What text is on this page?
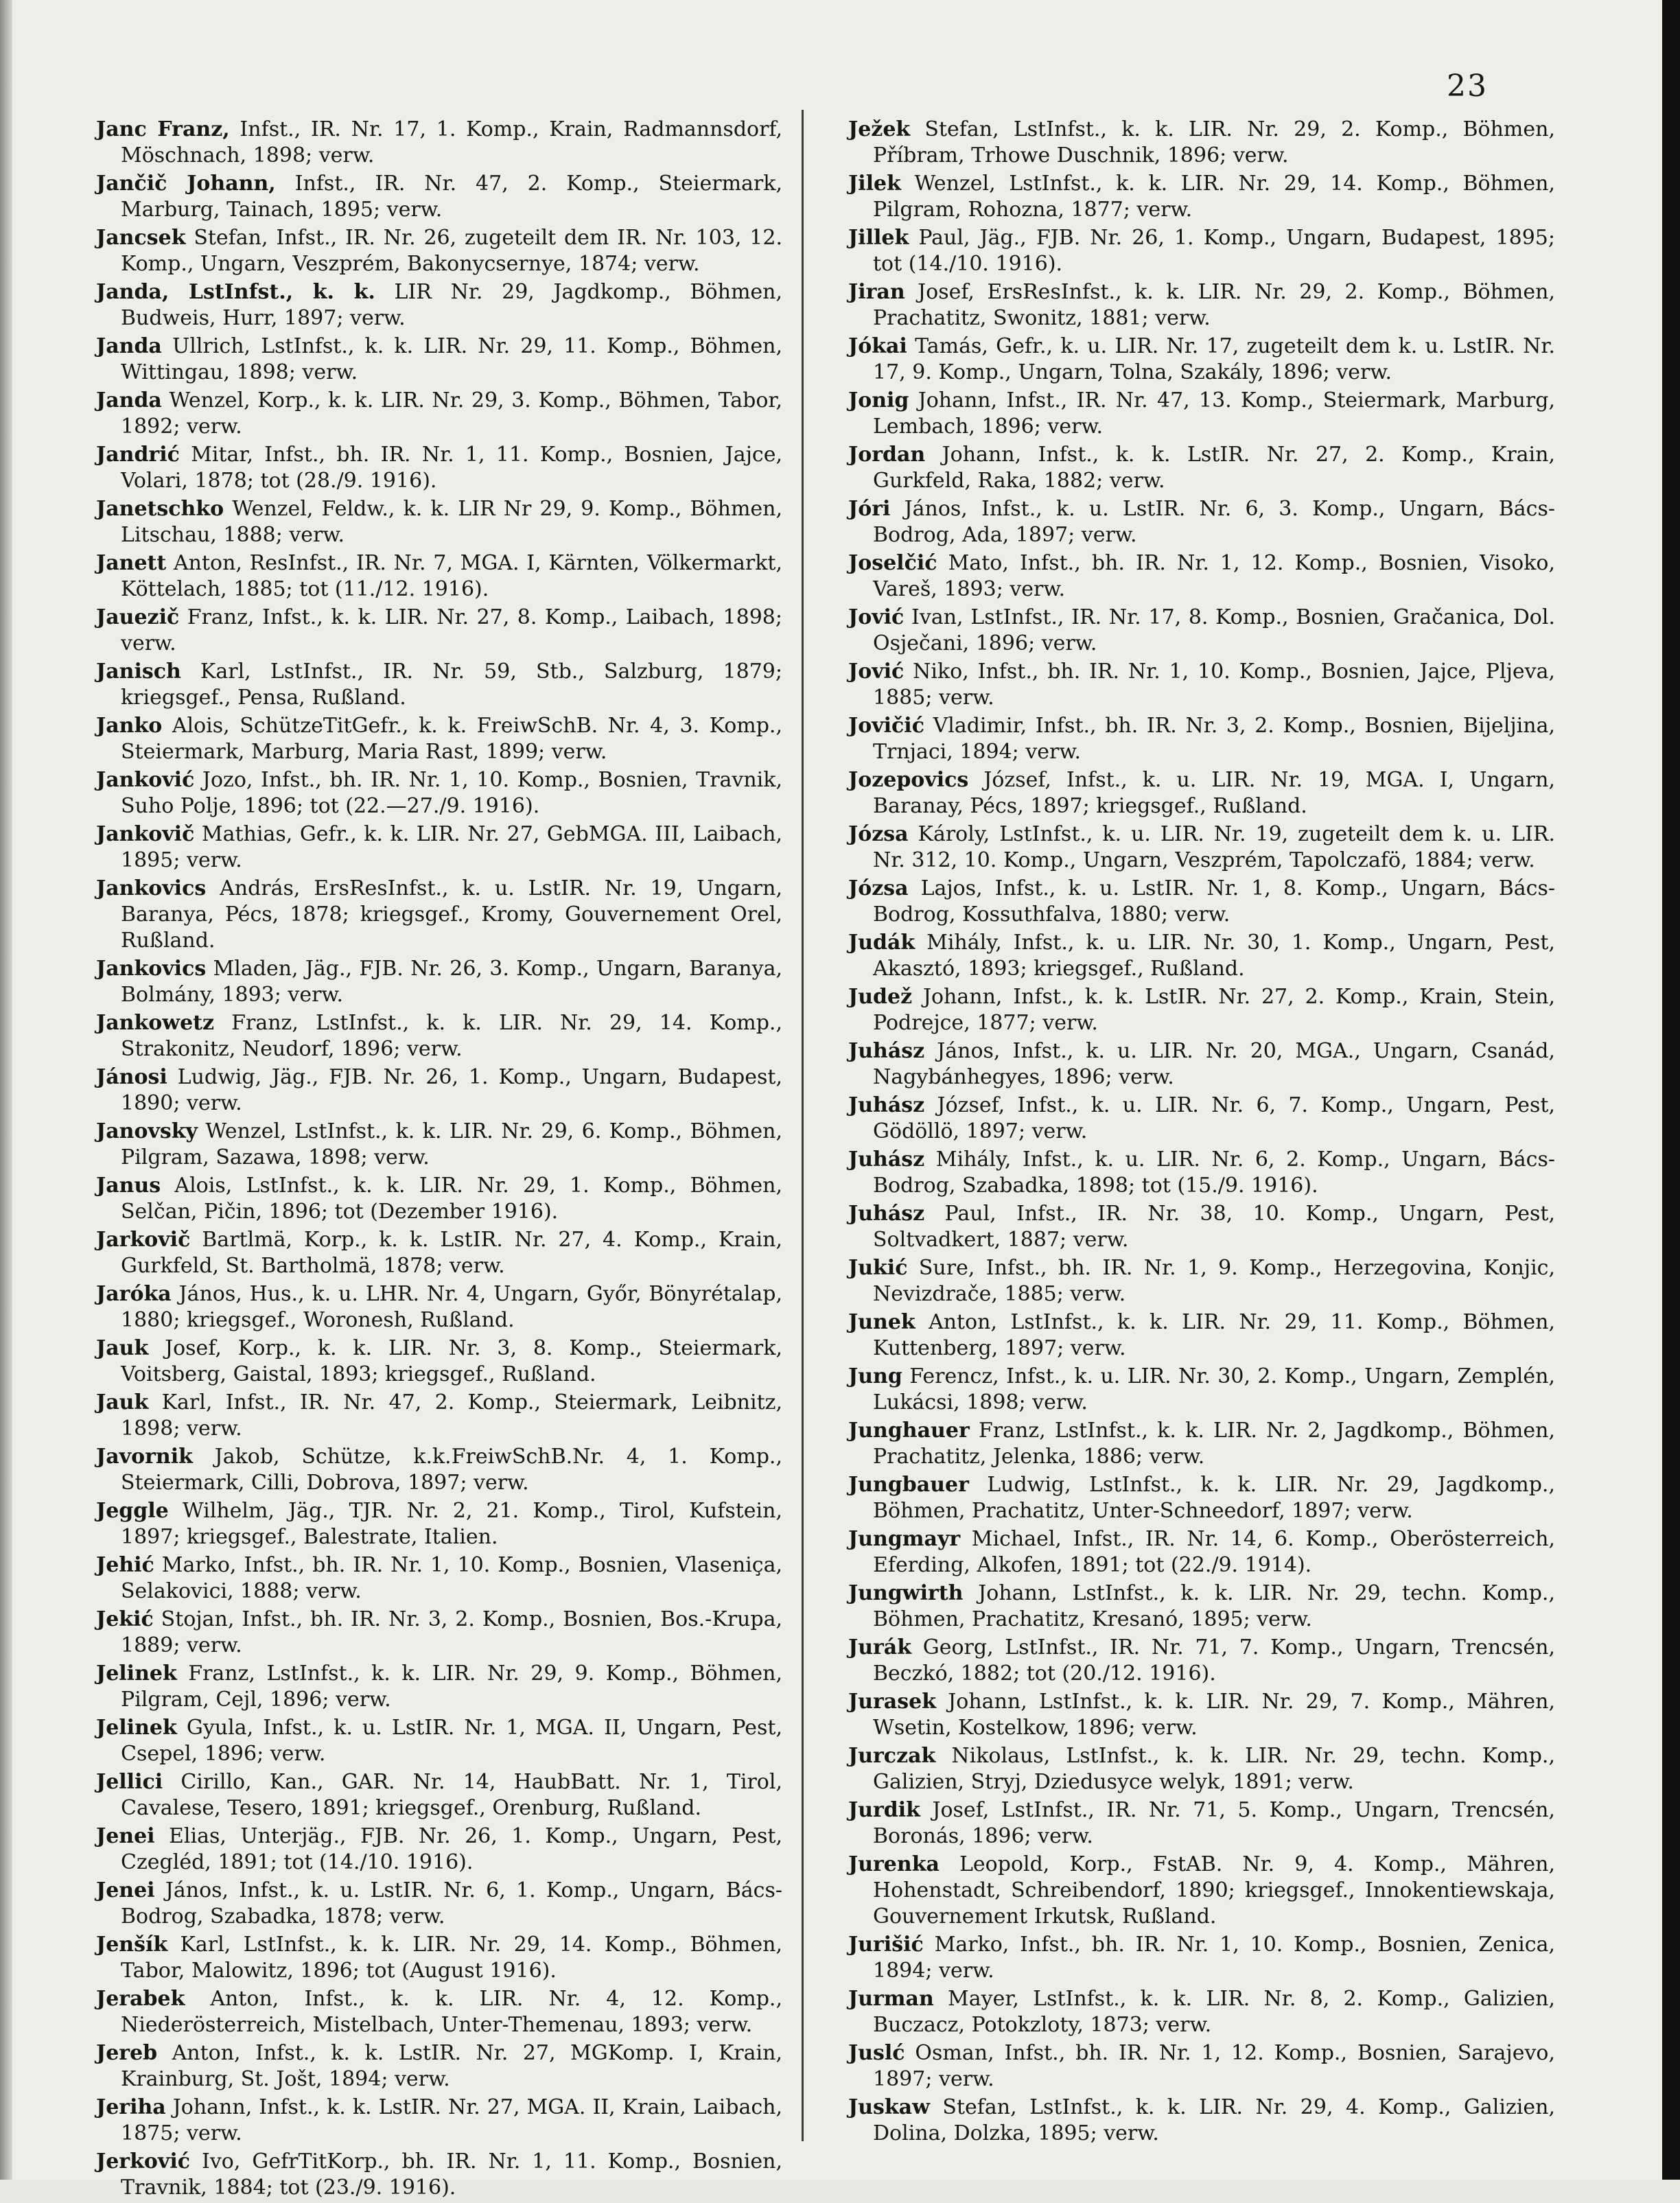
23

Janc Franz, Infst., IR. Nr. 17, 1. Komp., Krain, Radmannsdorf, Möschnach, 1898; verw.

Jančič Johann, Infst., IR. Nr. 47, 2. Komp., Steiermark, Marburg, Tainach, 1895; verw.

Jancsek Stefan, Infst., IR. Nr. 26, zugeteilt dem IR. Nr. 103, 12. Komp., Ungarn, Veszprém, Bakonycsernye, 1874; verw.

Janda, LstInfst., k. k. LIR Nr. 29, Jagdkomp., Böhmen, Budweis, Hurr, 1897; verw.

Janda Ullrich, LstInfst., k. k. LIR. Nr. 29, 11. Komp., Böhmen, Wittingau, 1898; verw.

Janda Wenzel, Korp., k. k. LIR. Nr. 29, 3. Komp., Böhmen, Tabor, 1892; verw.

Jandrić Mitar, Infst., bh. IR. Nr. 1, 11. Komp., Bosnien, Jajce, Volari, 1878; tot (28./9. 1916).

Janetschko Wenzel, Feldw., k. k. LIR Nr 29, 9. Komp., Böhmen, Litschau, 1888; verw.

Janett Anton, ResInfst., IR. Nr. 7, MGA. I, Kärnten, Völkermarkt, Köttelach, 1885; tot (11./12. 1916).

Jauezič Franz, Infst., k. k. LIR. Nr. 27, 8. Komp., Laibach, 1898; verw.

Janisch Karl, LstInfst., IR. Nr. 59, Stb., Salzburg, 1879; kriegsgef., Pensa, Rußland.

Janko Alois, SchützeTitGefr., k. k. FreiwSchB. Nr. 4, 3. Komp., Steiermark, Marburg, Maria Rast, 1899; verw.

Janković Jozo, Infst., bh. IR. Nr. 1, 10. Komp., Bosnien, Travnik, Suho Polje, 1896; tot (22.—27./9. 1916).

Jankovič Mathias, Gefr., k. k. LIR. Nr. 27, GebMGA. III, Laibach, 1895; verw.

Jankovics András, ErsResInfst., k. u. LstIR. Nr. 19, Ungarn, Baranya, Pécs, 1878; kriegsgef., Kromy, Gouvernement Orel, Rußland.

Jankovics Mladen, Jäg., FJB. Nr. 26, 3. Komp., Ungarn, Baranya, Bolmány, 1893; verw.

Jankowetz Franz, LstInfst., k. k. LIR. Nr. 29, 14. Komp., Strakonitz, Neudorf, 1896; verw.

Jánosi Ludwig, Jäg., FJB. Nr. 26, 1. Komp., Ungarn, Budapest, 1890; verw.

Janovsky Wenzel, LstInfst., k. k. LIR. Nr. 29, 6. Komp., Böhmen, Pilgram, Sazawa, 1898; verw.

Janus Alois, LstInfst., k. k. LIR. Nr. 29, 1. Komp., Böhmen, Selčan, Pičin, 1896; tot (Dezember 1916).

Jarkovič Bartlmä, Korp., k. k. LstIR. Nr. 27, 4. Komp., Krain, Gurkfeld, St. Bartholmä, 1878; verw.

Jaróka János, Hus., k. u. LHR. Nr. 4, Ungarn, Győr, Bönyrétalap, 1880; kriegsgef., Woronesh, Rußland.

Jauk Josef, Korp., k. k. LIR. Nr. 3, 8. Komp., Steiermark, Voitsberg, Gaistal, 1893; kriegsgef., Rußland.

Jauk Karl, Infst., IR. Nr. 47, 2. Komp., Steiermark, Leibnitz, 1898; verw.

Javornik Jakob, Schütze, k.k.FreiwSchB.Nr. 4, 1. Komp., Steiermark, Cilli, Dobrova, 1897; verw.

Jeggle Wilhelm, Jäg., TJR. Nr. 2, 21. Komp., Tirol, Kufstein, 1897; kriegsgef., Balestrate, Italien.

Jehić Marko, Infst., bh. IR. Nr. 1, 10. Komp., Bosnien, Vlaseniça, Selakovici, 1888; verw.

Jekić Stojan, Infst., bh. IR. Nr. 3, 2. Komp., Bosnien, Bos.-Krupa, 1889; verw.

Jelinek Franz, LstInfst., k. k. LIR. Nr. 29, 9. Komp., Böhmen, Pilgram, Cejl, 1896; verw.

Jelinek Gyula, Infst., k. u. LstIR. Nr. 1, MGA. II, Ungarn, Pest, Csepel, 1896; verw.

Jellici Cirillo, Kan., GAR. Nr. 14, HaubBatt. Nr. 1, Tirol, Cavalese, Tesero, 1891; kriegsgef., Orenburg, Rußland.

Jenei Elias, Unterjäg., FJB. Nr. 26, 1. Komp., Ungarn, Pest, Czegléd, 1891; tot (14./10. 1916).

Jenei János, Infst., k. u. LstIR. Nr. 6, 1. Komp., Ungarn, Bács-Bodrog, Szabadka, 1878; verw.

Jenšík Karl, LstInfst., k. k. LIR. Nr. 29, 14. Komp., Böhmen, Tabor, Malowitz, 1896; tot (August 1916).

Jerabek Anton, Infst., k. k. LIR. Nr. 4, 12. Komp., Niederösterreich, Mistelbach, Unter-Themenau, 1893; verw.

Jereb Anton, Infst., k. k. LstIR. Nr. 27, MGKomp. I, Krain, Krainburg, St. Jošt, 1894; verw.

Jeriha Johann, Infst., k. k. LstIR. Nr. 27, MGA. II, Krain, Laibach, 1875; verw.

Jerković Ivo, GefrTitKorp., bh. IR. Nr. 1, 11. Komp., Bosnien, Travnik, 1884; tot (23./9. 1916).

Ježek Stefan, LstInfst., k. k. LIR. Nr. 29, 2. Komp., Böhmen, Příbram, Trhowe Duschnik, 1896; verw.

Jilek Wenzel, LstInfst., k. k. LIR. Nr. 29, 14. Komp., Böhmen, Pilgram, Rohozna, 1877; verw.

Jillek Paul, Jäg., FJB. Nr. 26, 1. Komp., Ungarn, Budapest, 1895; tot (14./10. 1916).

Jiran Josef, ErsResInfst., k. k. LIR. Nr. 29, 2. Komp., Böhmen, Prachatitz, Swonitz, 1881; verw.

Jókai Tamás, Gefr., k. u. LIR. Nr. 17, zugeteilt dem k. u. LstIR. Nr. 17, 9. Komp., Ungarn, Tolna, Szakály, 1896; verw.

Jonig Johann, Infst., IR. Nr. 47, 13. Komp., Steiermark, Marburg, Lembach, 1896; verw.

Jordan Johann, Infst., k. k. LstIR. Nr. 27, 2. Komp., Krain, Gurkfeld, Raka, 1882; verw.

Jóri János, Infst., k. u. LstIR. Nr. 6, 3. Komp., Ungarn, Bács-Bodrog, Ada, 1897; verw.

Joselčić Mato, Infst., bh. IR. Nr. 1, 12. Komp., Bosnien, Visoko, Vareš, 1893; verw.

Jović Ivan, LstInfst., IR. Nr. 17, 8. Komp., Bosnien, Gračanica, Dol. Osječani, 1896; verw.

Jović Niko, Infst., bh. IR. Nr. 1, 10. Komp., Bosnien, Jajce, Pljeva, 1885; verw.

Jovičić Vladimir, Infst., bh. IR. Nr. 3, 2. Komp., Bosnien, Bijeljina, Trnjaci, 1894; verw.

Jozepovics József, Infst., k. u. LIR. Nr. 19, MGA. I, Ungarn, Baranay, Pécs, 1897; kriegsgef., Rußland.

Józsa Károly, LstInfst., k. u. LIR. Nr. 19, zugeteilt dem k. u. LIR. Nr. 312, 10. Komp., Ungarn, Veszprém, Tapolczafö, 1884; verw.

Józsa Lajos, Infst., k. u. LstIR. Nr. 1, 8. Komp., Ungarn, Bács-Bodrog, Kossuthfalva, 1880; verw.

Judák Mihály, Infst., k. u. LIR. Nr. 30, 1. Komp., Ungarn, Pest, Akasztó, 1893; kriegsgef., Rußland.

Judež Johann, Infst., k. k. LstIR. Nr. 27, 2. Komp., Krain, Stein, Podrejce, 1877; verw.

Juhász János, Infst., k. u. LIR. Nr. 20, MGA., Ungarn, Csanád, Nagybánhegyes, 1896; verw.

Juhász József, Infst., k. u. LIR. Nr. 6, 7. Komp., Ungarn, Pest, Gödöllö, 1897; verw.

Juhász Mihály, Infst., k. u. LIR. Nr. 6, 2. Komp., Ungarn, Bács-Bodrog, Szabadka, 1898; tot (15./9. 1916).

Juhász Paul, Infst., IR. Nr. 38, 10. Komp., Ungarn, Pest, Soltvadkert, 1887; verw.

Jukić Sure, Infst., bh. IR. Nr. 1, 9. Komp., Herzegovina, Konjic, Nevizdrače, 1885; verw.

Junek Anton, LstInfst., k. k. LIR. Nr. 29, 11. Komp., Böhmen, Kuttenberg, 1897; verw.

Jung Ferencz, Infst., k. u. LIR. Nr. 30, 2. Komp., Ungarn, Zemplén, Lukácsi, 1898; verw.

Junghauer Franz, LstInfst., k. k. LIR. Nr. 2, Jagdkomp., Böhmen, Prachatitz, Jelenka, 1886; verw.

Jungbauer Ludwig, LstInfst., k. k. LIR. Nr. 29, Jagdkomp., Böhmen, Prachatitz, Unter-Schneedorf, 1897; verw.

Jungmayr Michael, Infst., IR. Nr. 14, 6. Komp., Oberösterreich, Eferding, Alkofen, 1891; tot (22./9. 1914).

Jungwirth Johann, LstInfst., k. k. LIR. Nr. 29, techn. Komp., Böhmen, Prachatitz, Kresanó, 1895; verw.

Jurák Georg, LstInfst., IR. Nr. 71, 7. Komp., Ungarn, Trencsén, Beczkó, 1882; tot (20./12. 1916).

Jurasek Johann, LstInfst., k. k. LIR. Nr. 29, 7. Komp., Mähren, Wsetin, Kostelkow, 1896; verw.

Jurczak Nikolaus, LstInfst., k. k. LIR. Nr. 29, techn. Komp., Galizien, Stryj, Dziedusyce welyk, 1891; verw.

Jurdik Josef, LstInfst., IR. Nr. 71, 5. Komp., Ungarn, Trencsén, Boronás, 1896; verw.

Jurenka Leopold, Korp., FstAB. Nr. 9, 4. Komp., Mähren, Hohenstadt, Schreibendorf, 1890; kriegsgef., Innokentiewskaja, Gouvernement Irkutsk, Rußland.

Jurišić Marko, Infst., bh. IR. Nr. 1, 10. Komp., Bosnien, Zenica, 1894; verw.

Jurman Mayer, LstInfst., k. k. LIR. Nr. 8, 2. Komp., Galizien, Buczacz, Potokzloty, 1873; verw.

Juslć Osman, Infst., bh. IR. Nr. 1, 12. Komp., Bosnien, Sarajevo, 1897; verw.

Juskaw Stefan, LstInfst., k. k. LIR. Nr. 29, 4. Komp., Galizien, Dolina, Dolzka, 1895; verw.
